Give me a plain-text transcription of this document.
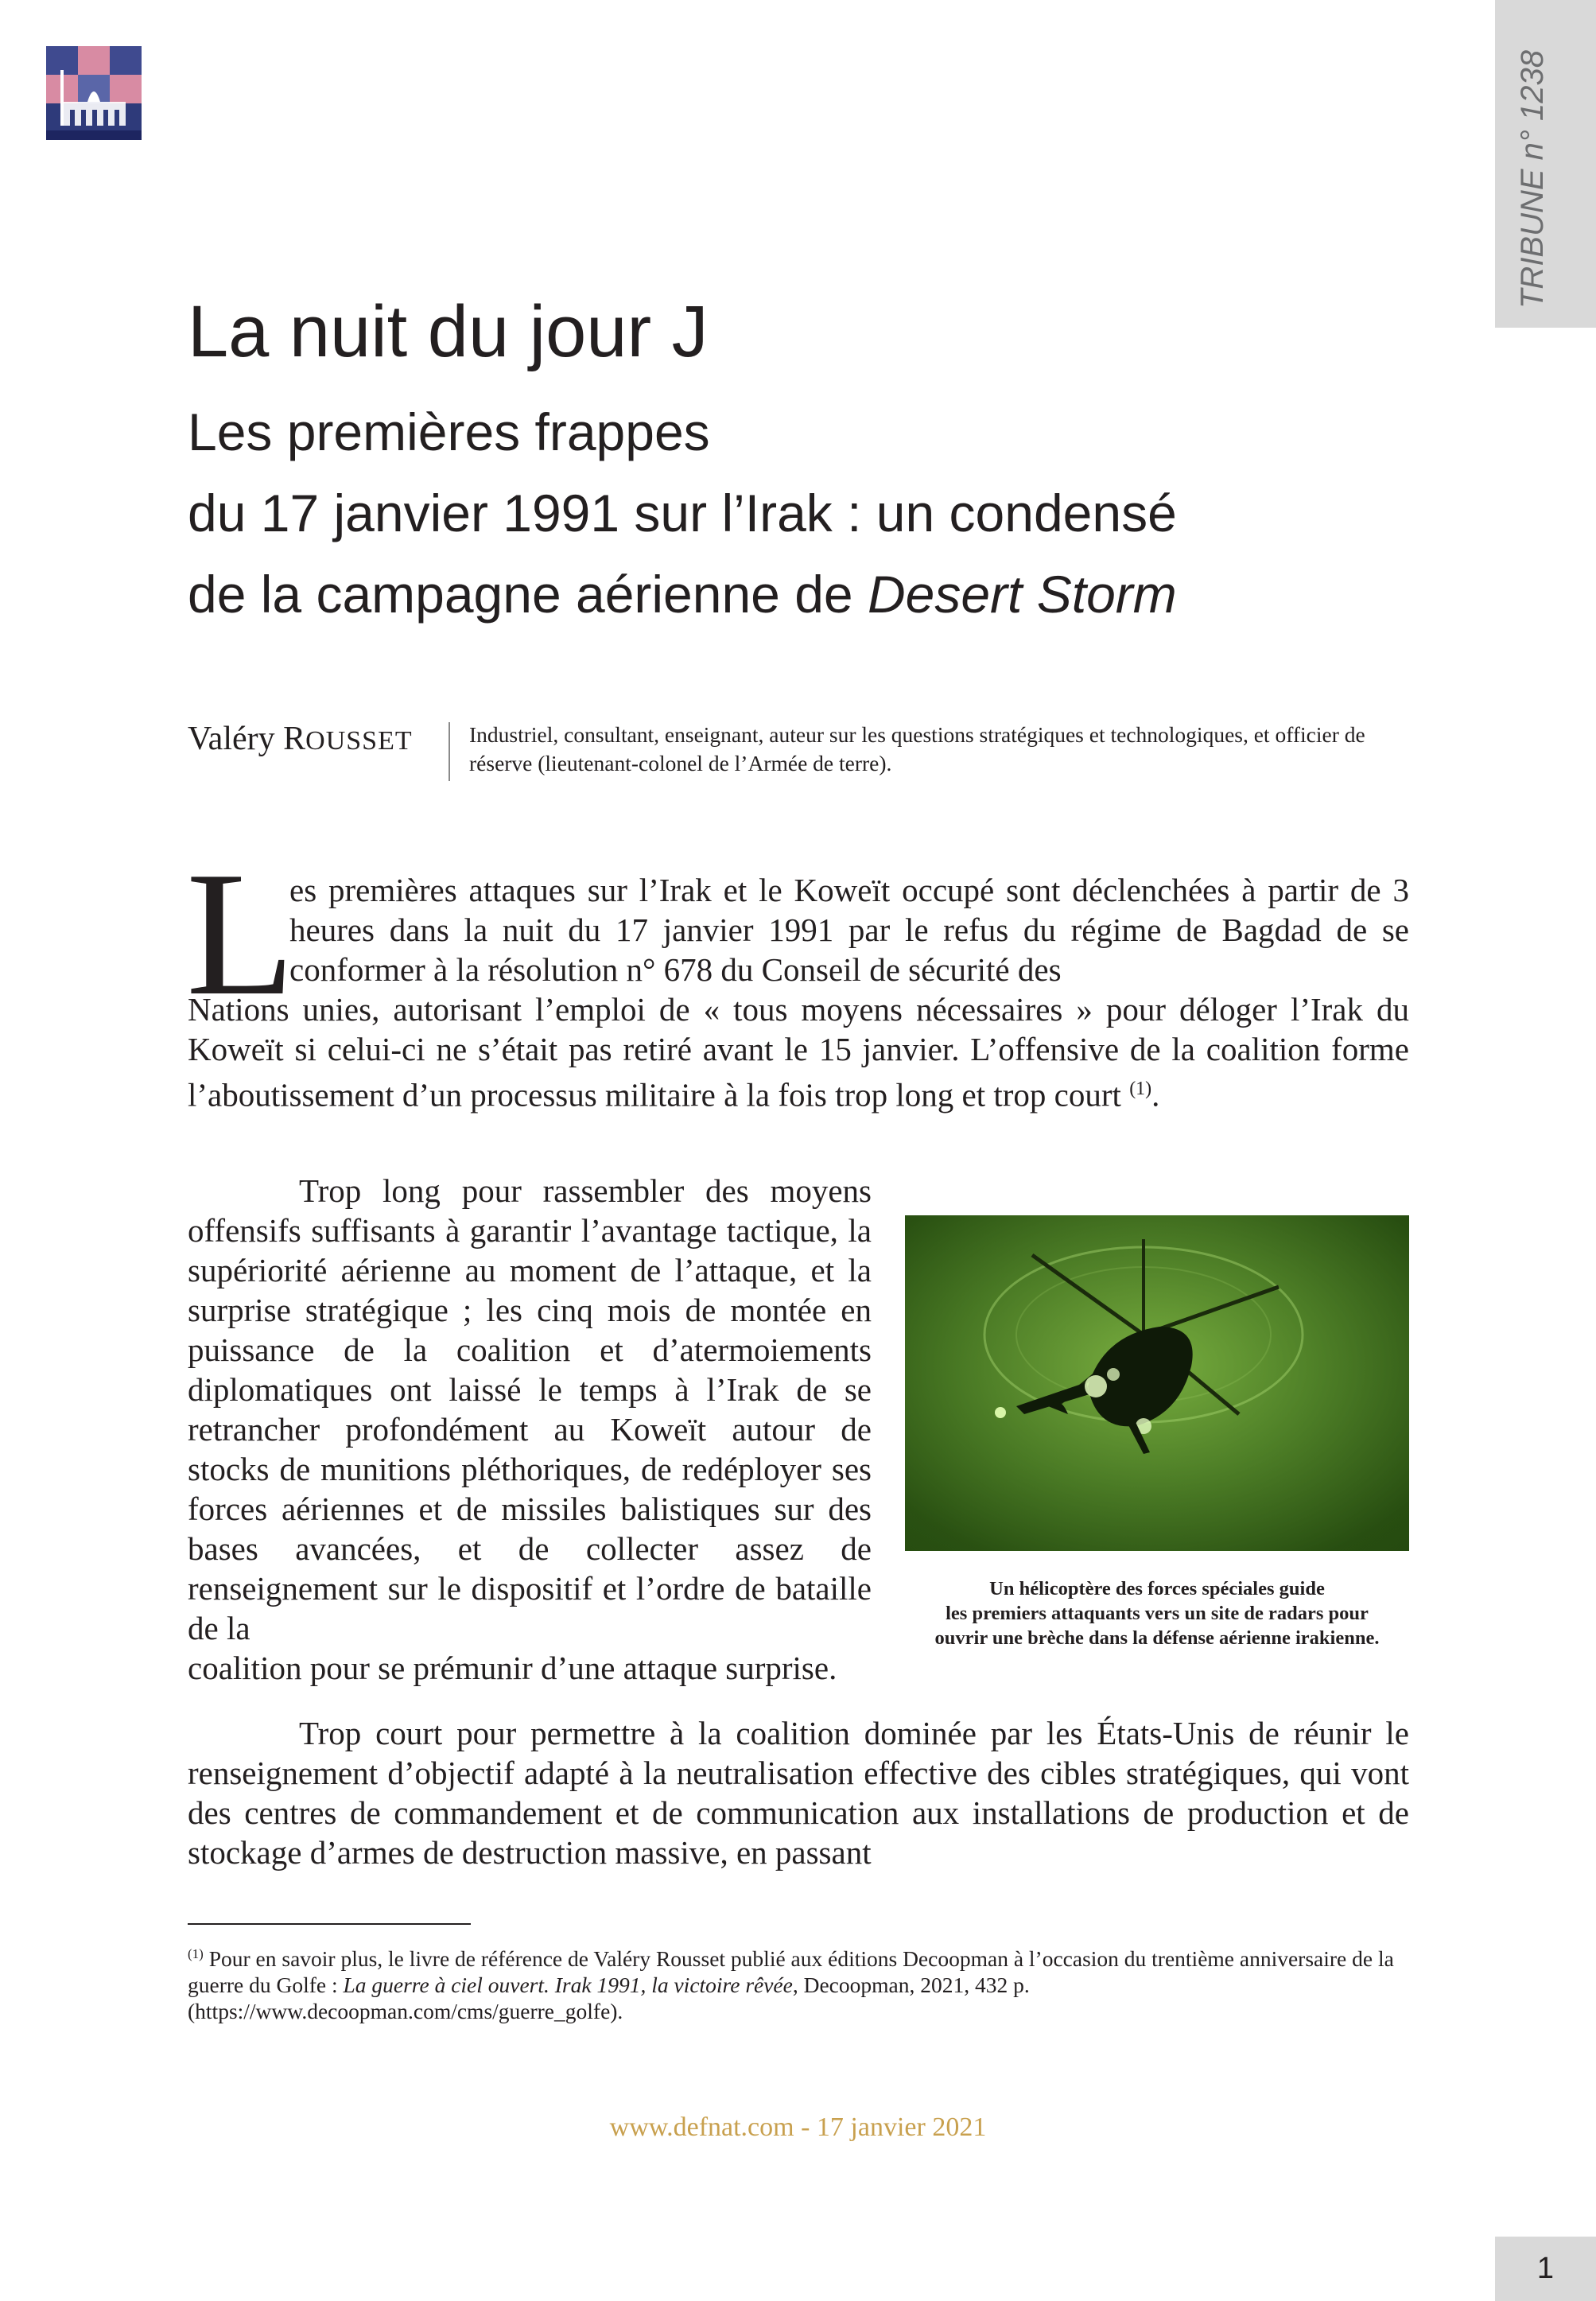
TRIBUNE n° 1238
La nuit du jour J
Les premières frappes
du 17 janvier 1991 sur l’Irak : un condensé
de la campagne aérienne de Desert Storm
Valéry ROUSSET	Industriel, consultant, enseignant, auteur sur les questions stratégiques et technologiques, et officier de réserve (lieutenant-colonel de l’Armée de terre).
L

es premières attaques sur l’Irak et le Koweït occupé sont déclenchées à partir de 3 heures dans la nuit du 17 janvier 1991 par le refus du régime de Bagdad de se conformer à la résolution n° 678 du Conseil de sécurité des

Nations unies, autorisant l’emploi de « tous moyens nécessaires » pour déloger l’Irak du Koweït si celui-ci ne s’était pas retiré avant le 15 janvier. L’offensive de la coalition forme l’aboutissement d’un processus militaire à la fois trop long et trop court $^{(1)}$.

Trop long pour rassembler des moyens offensifs suffisants à garantir l’avantage tactique, la supériorité aérienne au moment de l’attaque, et la surprise stratégique ; les cinq mois de montée en puissance de la coalition et d’atermoiements diplomatiques ont laissé le temps à l’Irak de se retrancher profondément au Koweït autour de stocks de munitions pléthoriques, de redéployer ses forces aériennes et de missiles balistiques sur des bases avancées, et de collecter assez de renseignement sur le dispositif et l’ordre de bataille de la

coalition pour se prémunir d’une attaque surprise.

Un hélicoptère des forces spéciales guide
les premiers attaquants vers un site de radars pour
ouvrir une brèche dans la défense aérienne irakienne.

Trop court pour permettre à la coalition dominée par les États-Unis de réunir le renseignement d’objectif adapté à la neutralisation effective des cibles stratégiques, qui vont des centres de commandement et de communication aux installations de production et de stockage d’armes de destruction massive, en passant

$^{(1)}$ Pour en savoir plus, le livre de référence de Valéry Rousset publié aux éditions Decoopman à l’occasion du trentième anniversaire de la guerre du Golfe : La guerre à ciel ouvert. Irak 1991, la victoire rêvée, Decoopman, 2021, 432 p. (https://www.decoopman.com/cms/guerre_golfe).
www.defnat.com - 17 janvier 2021
1
